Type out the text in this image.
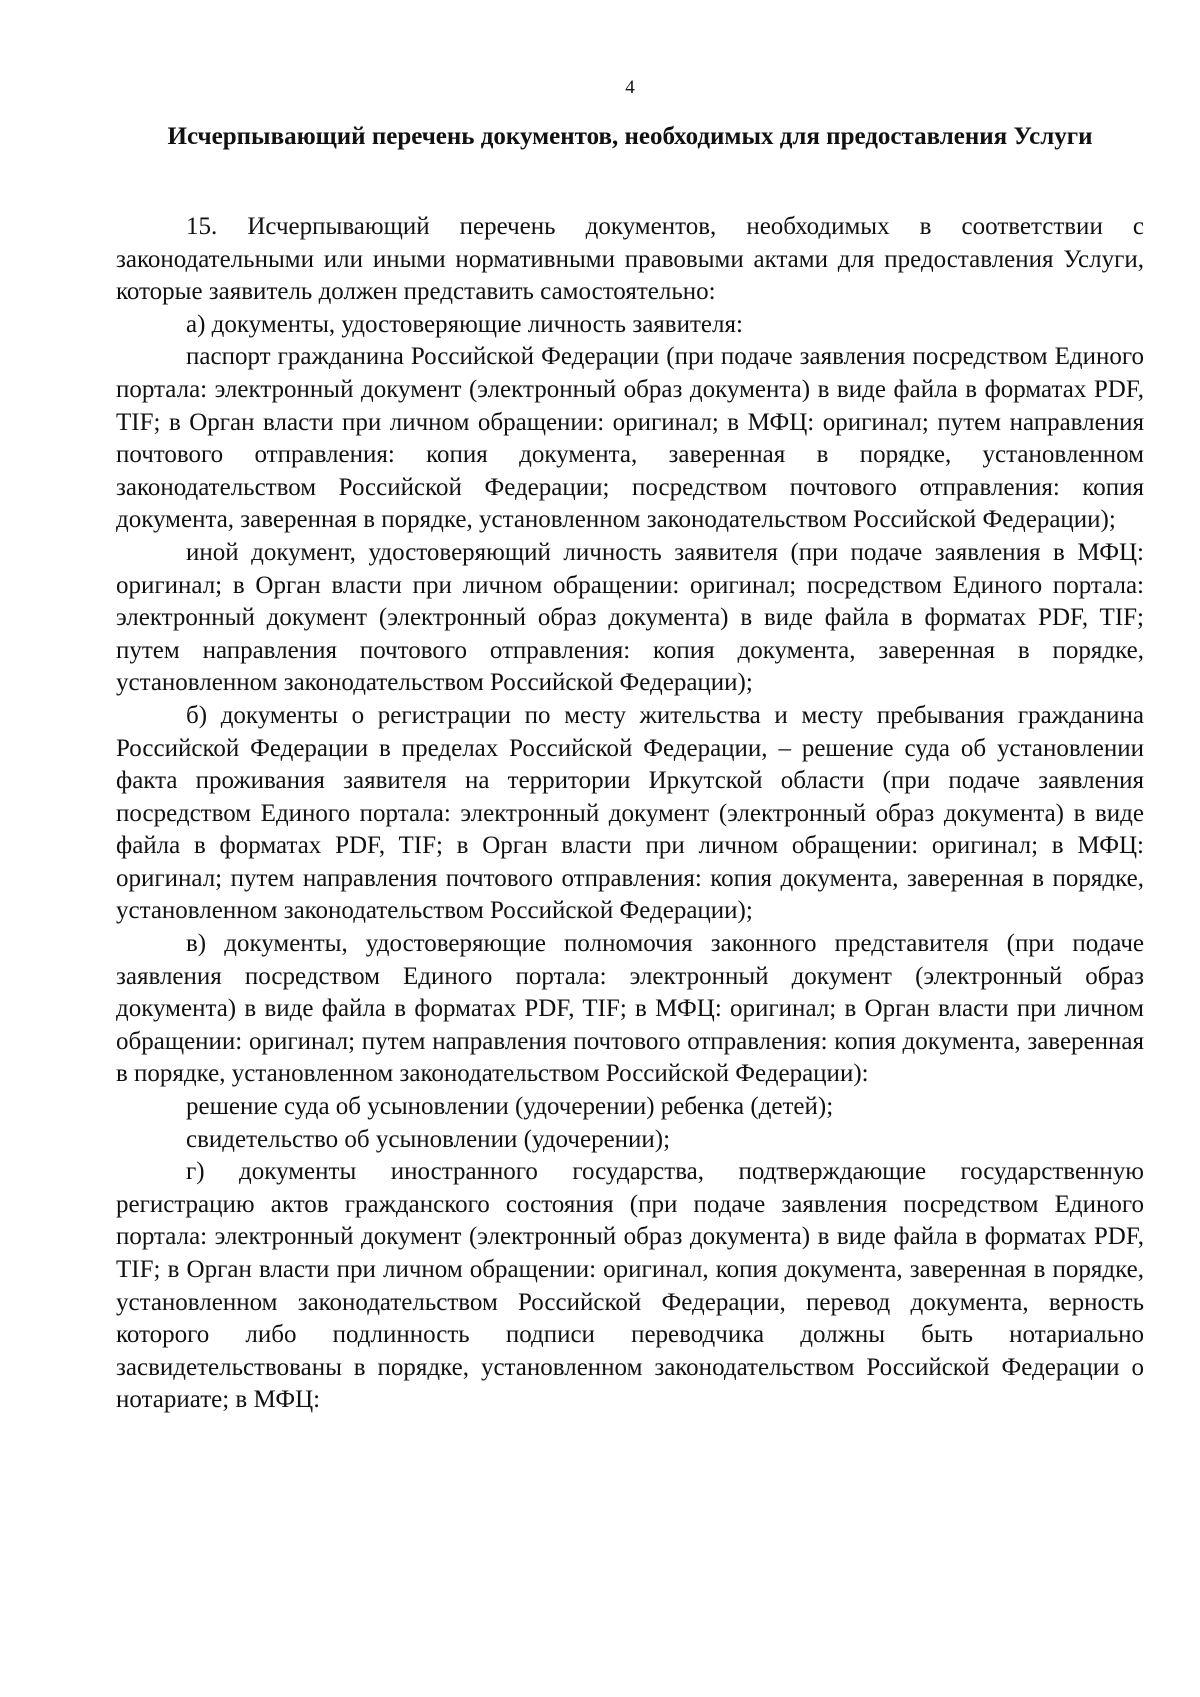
4
Исчерпывающий перечень документов, необходимых для предоставления Услуги

15. Исчерпывающий перечень документов, необходимых в соответствии с законодательными или иными нормативными правовыми актами для предоставления Услуги, которые заявитель должен представить самостоятельно:

а) документы, удостоверяющие личность заявителя:

паспорт гражданина Российской Федерации (при подаче заявления посредством Единого портала: электронный документ (электронный образ документа) в виде файла в форматах PDF, TIF; в Орган власти при личном обращении: оригинал; в МФЦ: оригинал; путем направления почтового отправления: копия документа, заверенная в порядке, установленном законодательством Российской Федерации; посредством почтового отправления: копия документа, заверенная в порядке, установленном законодательством Российской Федерации);

иной документ, удостоверяющий личность заявителя (при подаче заявления в МФЦ: оригинал; в Орган власти при личном обращении: оригинал; посредством Единого портала: электронный документ (электронный образ документа) в виде файла в форматах PDF, TIF; путем направления почтового отправления: копия документа, заверенная в порядке, установленном законодательством Российской Федерации);

б) документы о регистрации по месту жительства и месту пребывания гражданина Российской Федерации в пределах Российской Федерации, – решение суда об установлении факта проживания заявителя на территории Иркутской области (при подаче заявления посредством Единого портала: электронный документ (электронный образ документа) в виде файла в форматах PDF, TIF; в Орган власти при личном обращении: оригинал; в МФЦ: оригинал; путем направления почтового отправления: копия документа, заверенная в порядке, установленном законодательством Российской Федерации);

в) документы, удостоверяющие полномочия законного представителя (при подаче заявления посредством Единого портала: электронный документ (электронный образ документа) в виде файла в форматах PDF, TIF; в МФЦ: оригинал; в Орган власти при личном обращении: оригинал; путем направления почтового отправления: копия документа, заверенная в порядке, установленном законодательством Российской Федерации):

решение суда об усыновлении (удочерении) ребенка (детей);

свидетельство об усыновлении (удочерении);

г) документы иностранного государства, подтверждающие государственную регистрацию актов гражданского состояния (при подаче заявления посредством Единого портала: электронный документ (электронный образ документа) в виде файла в форматах PDF, TIF; в Орган власти при личном обращении: оригинал, копия документа, заверенная в порядке, установленном законодательством Российской Федерации, перевод документа, верность которого либо подлинность подписи переводчика должны быть нотариально засвидетельствованы в порядке, установленном законодательством Российской Федерации о нотариате; в МФЦ:
